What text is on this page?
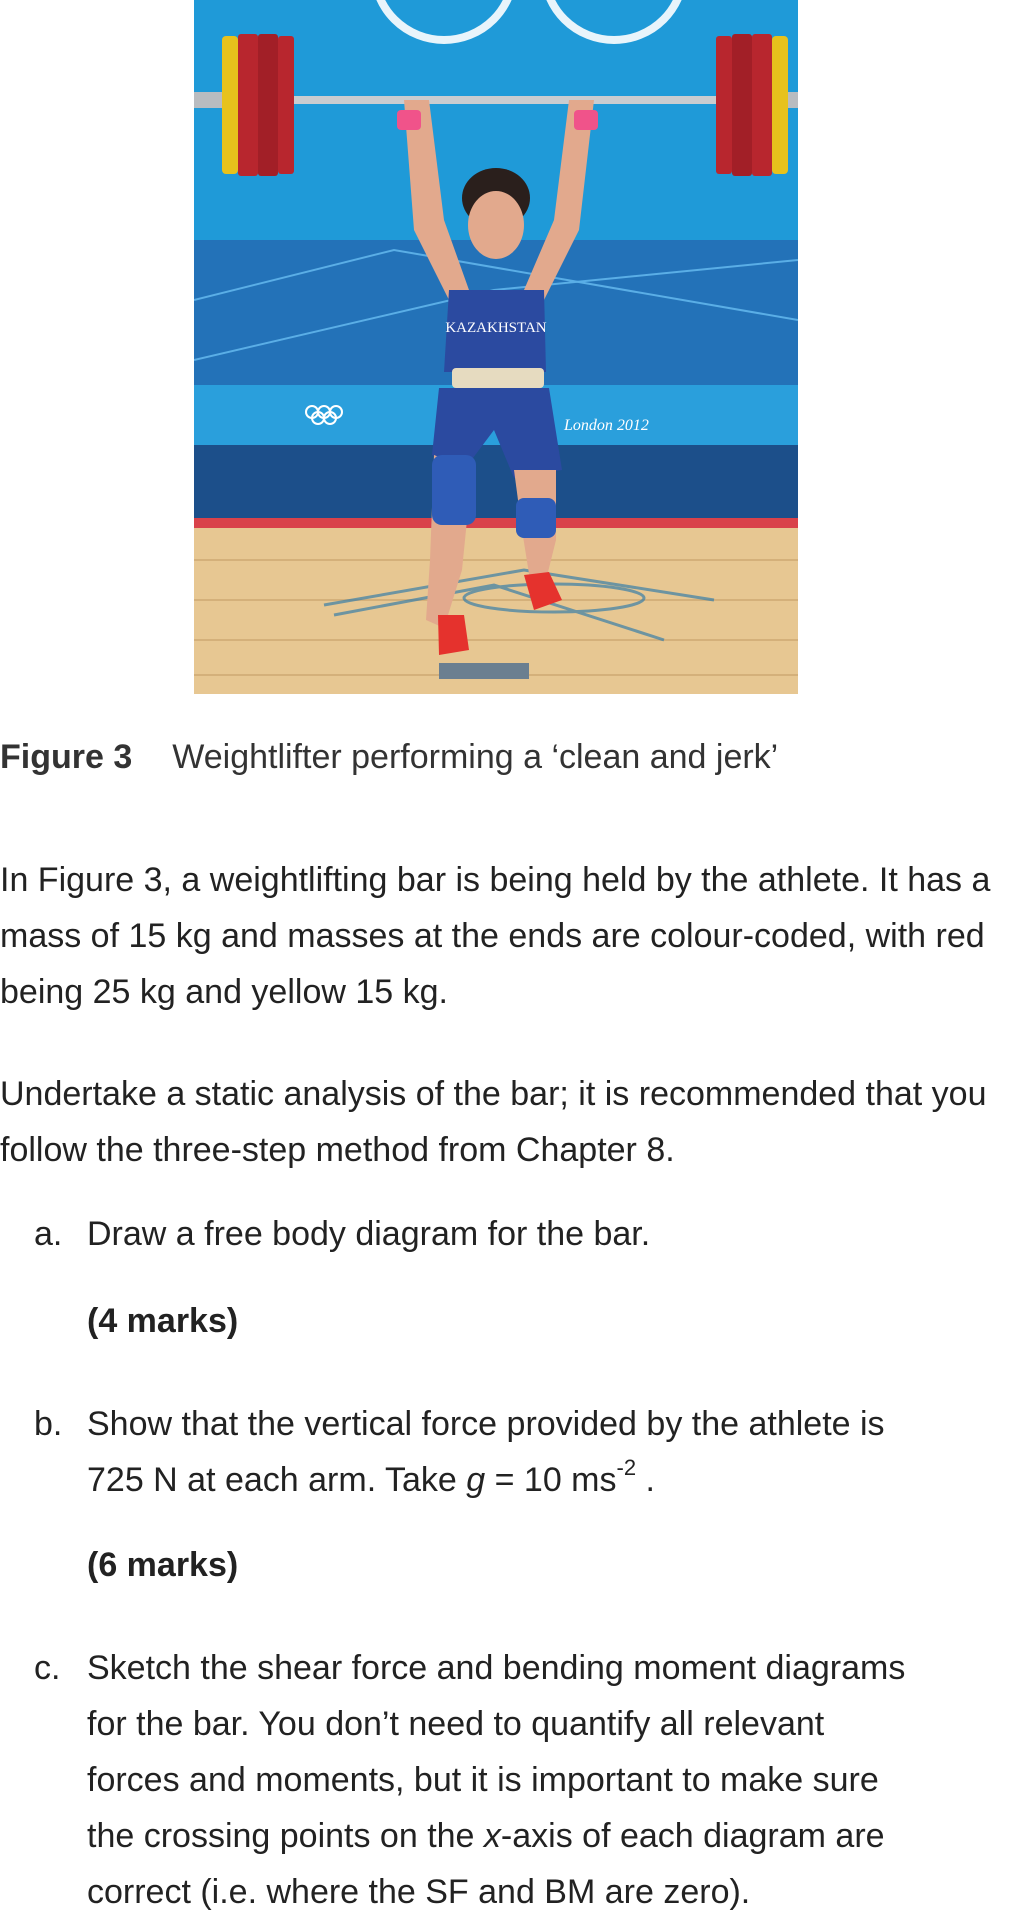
London 2012
KAZAKHSTAN
Figure 3 Weightlifter performing a ‘clean and jerk’

In Figure 3, a weightlifting bar is being held by the athlete. It has a mass of 15 kg and masses at the ends are colour-coded, with red being 25 kg and yellow 15 kg.

Undertake a static analysis of the bar; it is recommended that you follow the three-step method from Chapter 8.

a. Draw a free body diagram for the bar.
(4 marks)
b. Show that the vertical force provided by the athlete is
725 N at each arm. Take g = 10 $ms^{-2}$ .
(6 marks)
c. Sketch the shear force and bending moment diagrams
for the bar. You don’t need to quantify all relevant
forces and moments, but it is important to make sure
the crossing points on the x-axis of each diagram are
correct (i.e. where the SF and BM are zero).
